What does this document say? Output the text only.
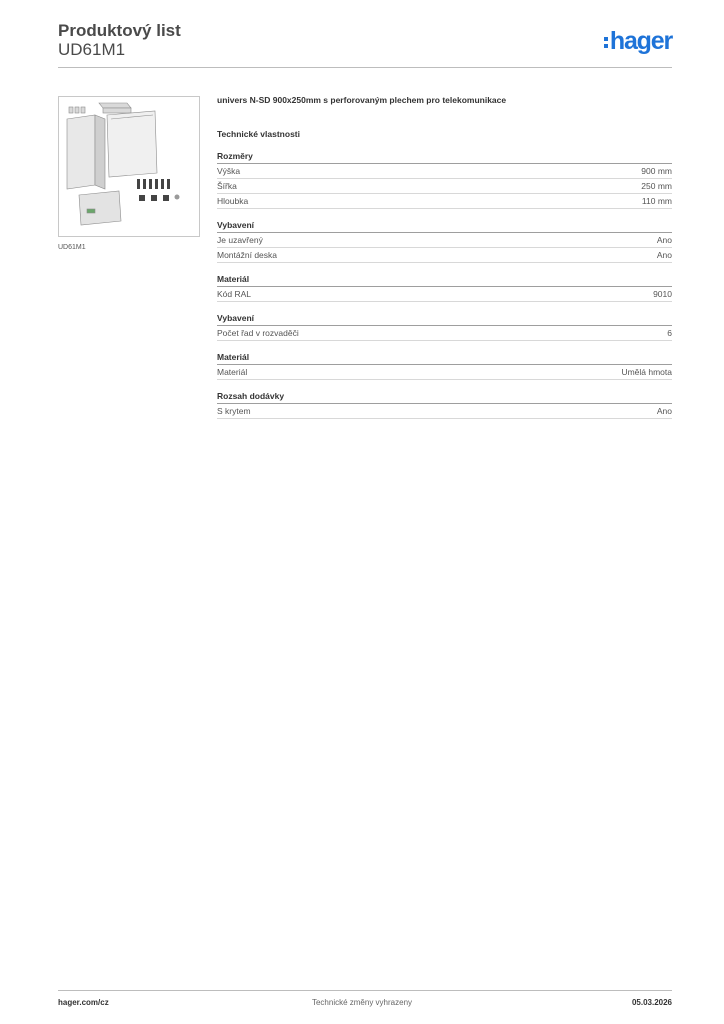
Produktový list
UD61M1	hager
UD61M1
univers N-SD 900x250mm s perforovaným plechem pro telekomunikace
Technické vlastnosti
Rozměry
Výška	900 mm
Šířka	250 mm
Hloubka	110 mm
Vybavení
Je uzavřený	Ano
Montážní deska	Ano
Materiál
Kód RAL	9010
Vybavení
Počet řad v rozvaděči	6
Materiál
Materiál	Umělá hmota
Rozsah dodávky
S krytem	Ano
hager.com/cz	Technické změny vyhrazeny	05.03.2026
